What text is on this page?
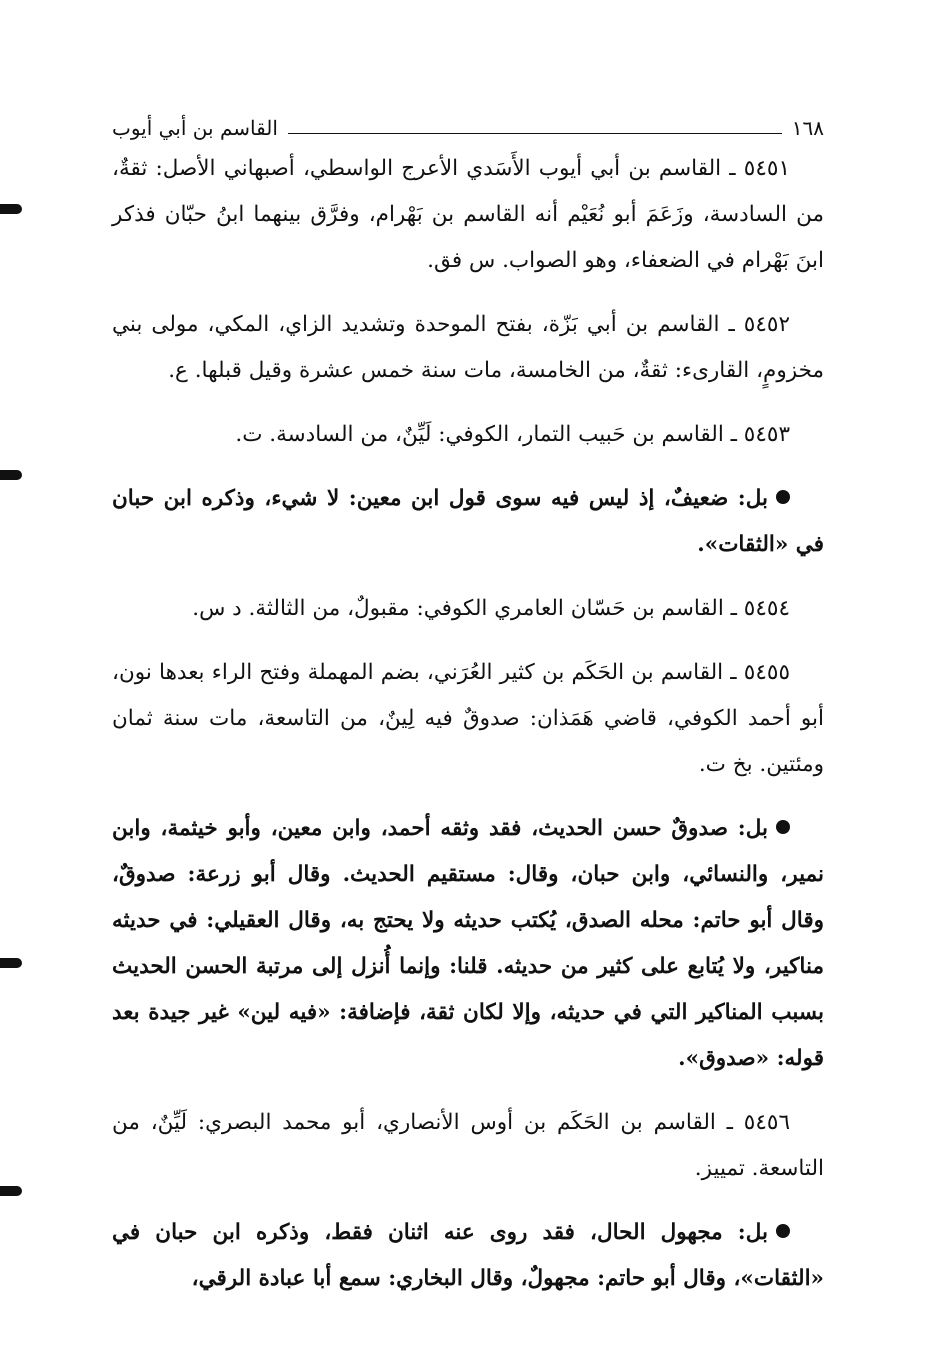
١٦٨
القاسم بن أبي أيوب

٥٤٥١ ـ القاسم بن أبي أيوب الأَسَدي الأعرج الواسطي، أصبهاني الأصل: ثقةٌ، من السادسة، وزَعَمَ أبو نُعَيْم أنه القاسم بن بَهْرام، وفرَّق بينهما ابنُ حبّان فذكر ابنَ بَهْرام في الضعفاء، وهو الصواب. س فق.

٥٤٥٢ ـ القاسم بن أبي بَزّة، بفتح الموحدة وتشديد الزاي، المكي، مولى بني مخزومٍ، القارىء: ثقةٌ، من الخامسة، مات سنة خمس عشرة وقيل قبلها. ع.

٥٤٥٣ ـ القاسم بن حَبيب التمار، الكوفي: لَيِّنٌ، من السادسة. ت.

بل: ضعيفٌ، إذ ليس فيه سوى قول ابن معين: لا شيء، وذكره ابن حبان في «الثقات».

٥٤٥٤ ـ القاسم بن حَسّان العامري الكوفي: مقبولٌ، من الثالثة. د س.

٥٤٥٥ ـ القاسم بن الحَكَم بن كثير العُرَني، بضم المهملة وفتح الراء بعدها نون، أبو أحمد الكوفي، قاضي هَمَذان: صدوقٌ فيه لِينٌ، من التاسعة، مات سنة ثمان ومئتين. بخ ت.

بل: صدوقٌ حسن الحديث، فقد وثقه أحمد، وابن معين، وأبو خيثمة، وابن نمير، والنسائي، وابن حبان، وقال: مستقيم الحديث. وقال أبو زرعة: صدوقٌ، وقال أبو حاتم: محله الصدق، يُكتب حديثه ولا يحتج به، وقال العقيلي: في حديثه مناكير، ولا يُتابع على كثير من حديثه. قلنا: وإنما أُنزل إلى مرتبة الحسن الحديث بسبب المناكير التي في حديثه، وإلا لكان ثقة، فإضافة: «فيه لين» غير جيدة بعد قوله: «صدوق».

٥٤٥٦ ـ القاسم بن الحَكَم بن أوس الأنصاري، أبو محمد البصري: لَيِّنٌ، من التاسعة. تمييز.

بل: مجهول الحال، فقد روى عنه اثنان فقط، وذكره ابن حبان في «الثقات»، وقال أبو حاتم: مجهولٌ، وقال البخاري: سمع أبا عبادة الرقي،
